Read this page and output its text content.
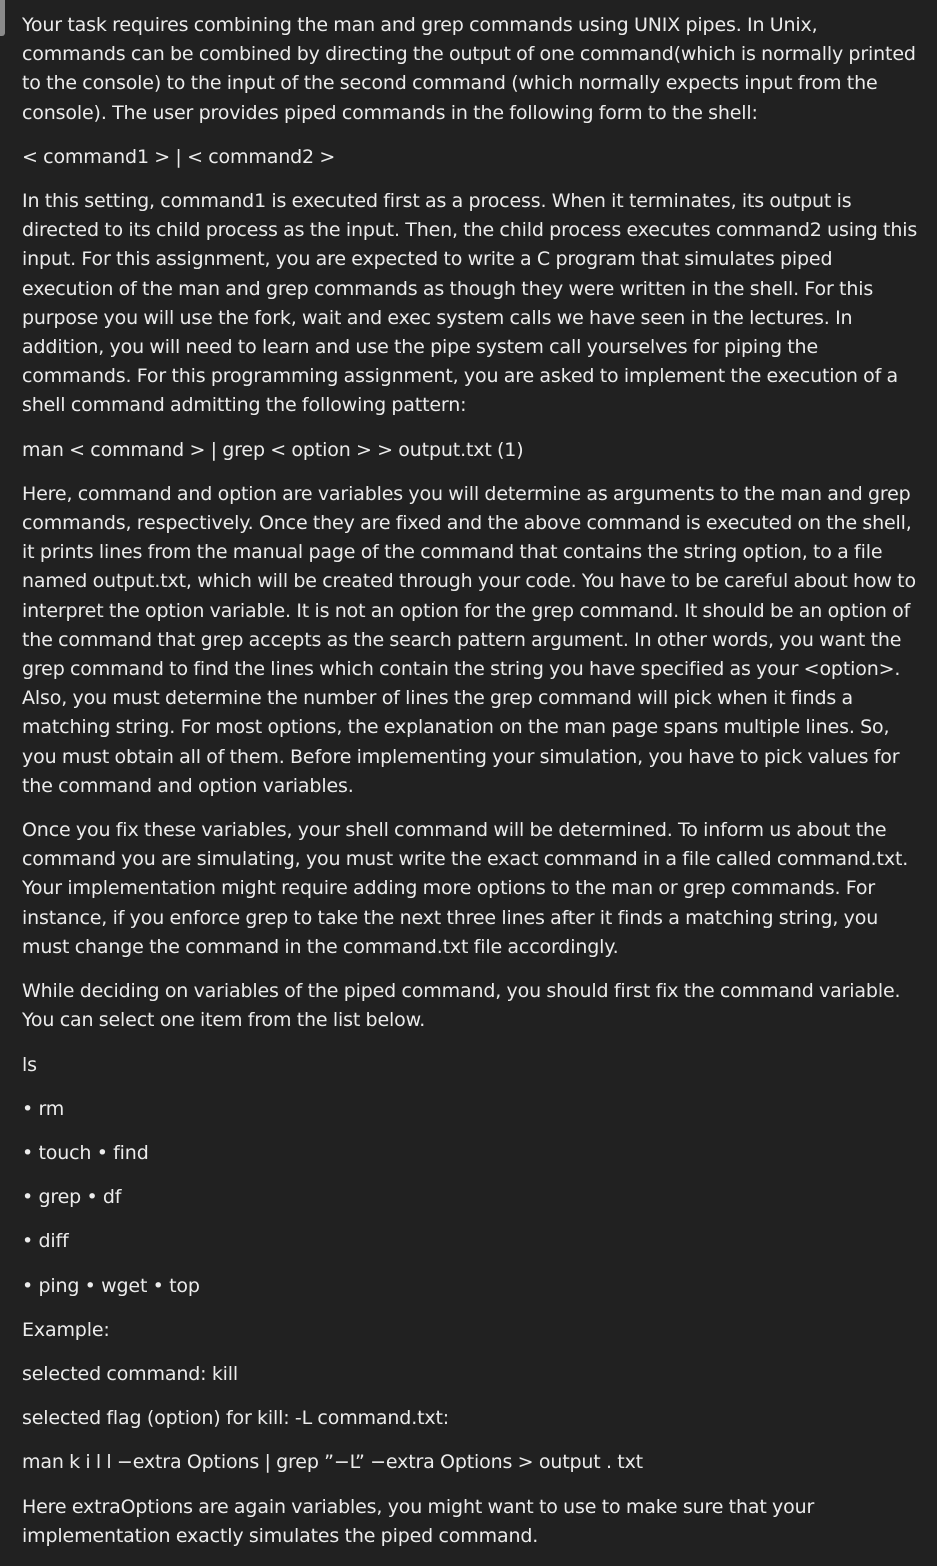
Your task requires combining the man and grep commands using UNIX pipes. In Unix, commands can be combined by directing the output of one command(which is normally printed to the console) to the input of the second command (which normally expects input from the console). The user provides piped commands in the following form to the shell:

< command1 > | < command2 >

In this setting, command1 is executed first as a process. When it terminates, its output is directed to its child process as the input. Then, the child process executes command2 using this input. For this assignment, you are expected to write a C program that simulates piped execution of the man and grep commands as though they were written in the shell. For this purpose you will use the fork, wait and exec system calls we have seen in the lectures. In addition, you will need to learn and use the pipe system call yourselves for piping the commands. For this programming assignment, you are asked to implement the execution of a shell command admitting the following pattern:

man < command > | grep < option > > output.txt (1)

Here, command and option are variables you will determine as arguments to the man and grep commands, respectively. Once they are fixed and the above command is executed on the shell, it prints lines from the manual page of the command that contains the string option, to a file named output.txt, which will be created through your code. You have to be careful about how to interpret the option variable. It is not an option for the grep command. It should be an option of the command that grep accepts as the search pattern argument. In other words, you want the grep command to find the lines which contain the string you have specified as your <option>. Also, you must determine the number of lines the grep command will pick when it finds a matching string. For most options, the explanation on the man page spans multiple lines. So, you must obtain all of them. Before implementing your simulation, you have to pick values for the command and option variables.

Once you fix these variables, your shell command will be determined. To inform us about the command you are simulating, you must write the exact command in a file called command.txt. Your implementation might require adding more options to the man or grep commands. For instance, if you enforce grep to take the next three lines after it finds a matching string, you must change the command in the command.txt file accordingly.

While deciding on variables of the piped command, you should first fix the command variable. You can select one item from the list below.

ls

• rm

• touch • find

• grep • df

• diff

• ping • wget • top

Example:

selected command: kill

selected flag (option) for kill: -L command.txt:

man k i l l −extra Options | grep ”−L” −extra Options > output . txt

Here extraOptions are again variables, you might want to use to make sure that your implementation exactly simulates the piped command.
